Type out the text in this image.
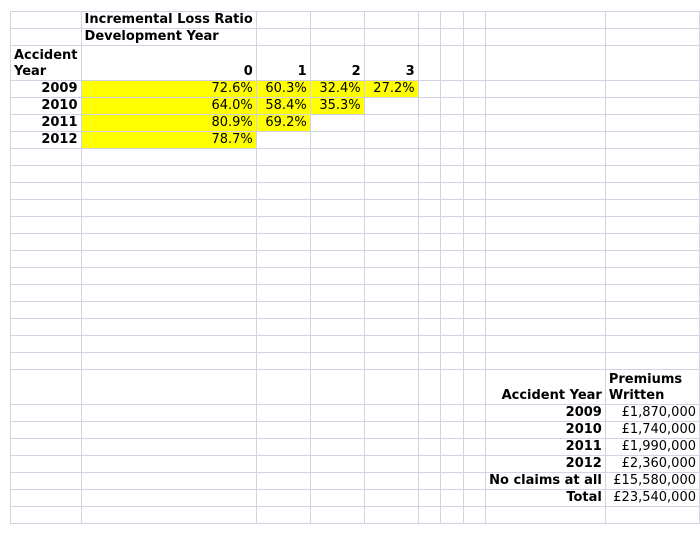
	Incremental Loss Ratio								
	Development Year								
Accident Year	0	1	2	3					
2009	72.6%	60.3%	32.4%	27.2%					
2010	64.0%	58.4%	35.3%						
2011	80.9%	69.2%							
2012	78.7%								

								Accident Year	Premiums Written
								2009	£1,870,000
								2010	£1,740,000
								2011	£1,990,000
								2012	£2,360,000
								No claims at all	£15,580,000
								Total	£23,540,000
